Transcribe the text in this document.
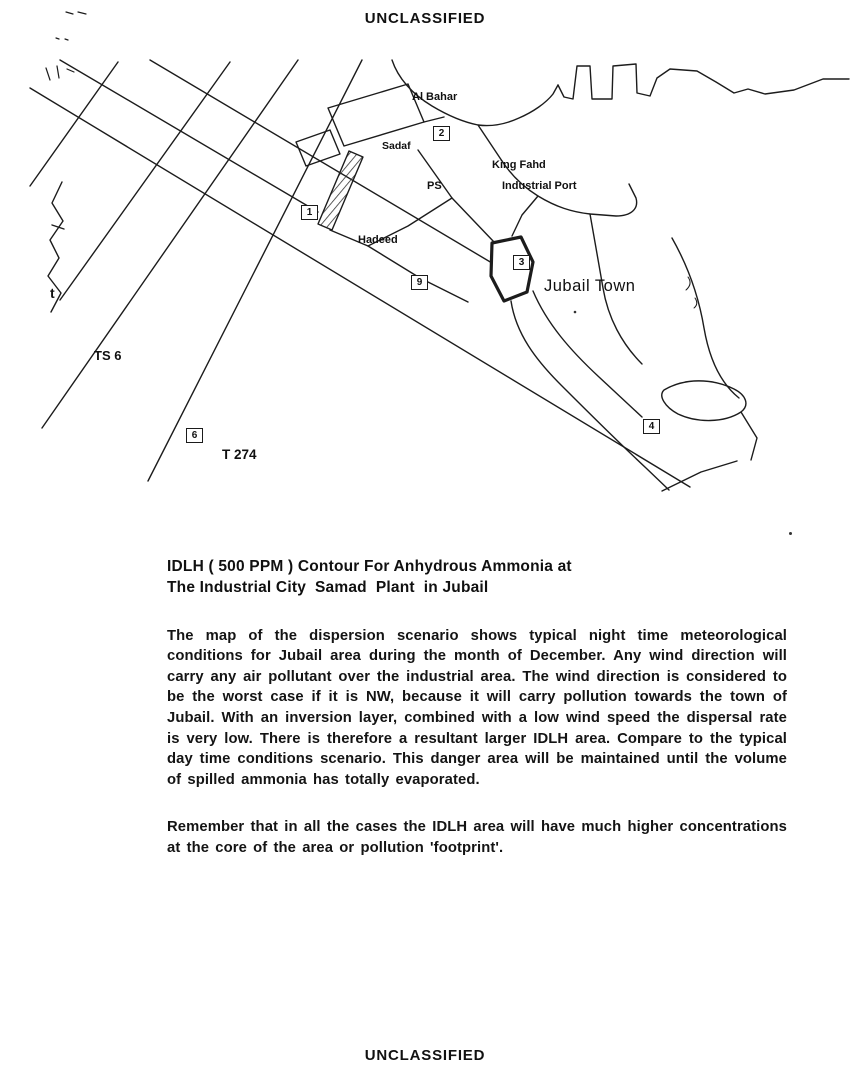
UNCLASSIFIED
Al Bahar
Sadaf
PS
King Fahd
Industrial Port
Hadeed
Jubail Town
TS 6
T 274
t
2
1
3
9
4
6
IDLH ( 500 PPM ) Contour For Anhydrous Ammonia at
The Industrial City  Samad  Plant  in Jubail

The map of the dispersion scenario shows typical night time meteorological conditions for Jubail area during the month of December. Any wind direction will carry any air pollutant over the industrial area. The wind direction is considered to be the worst case if it is NW, because it will carry pollution towards the town of Jubail. With an inversion layer, combined with a low wind speed the dispersal rate is very low. There is therefore a resultant larger IDLH area. Compare to the typical day time conditions scenario. This danger area will be maintained until the volume of spilled ammonia has totally evaporated.

Remember that in all the cases the IDLH area will have much higher concentrations at the core of the area or pollution 'footprint'.

UNCLASSIFIED
